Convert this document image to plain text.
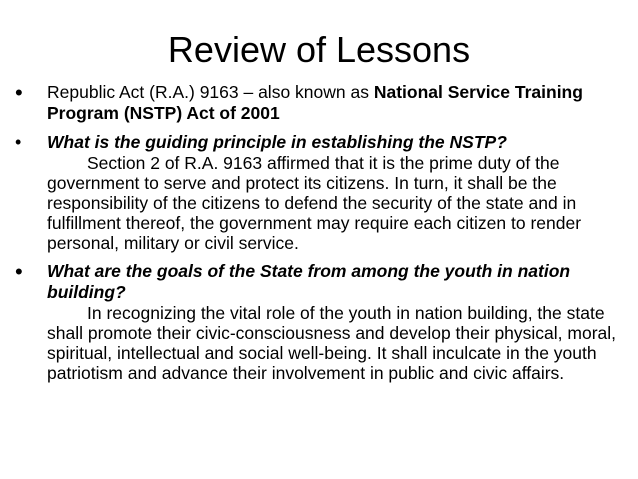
Review of Lessons
• Republic Act (R.A.) 9163 – also known as National Service Training Program (NSTP) Act of 2001
• What is the guiding principle in establishing the NSTP?
Section 2 of R.A. 9163 affirmed that it is the prime duty of the government to serve and protect its citizens. In turn, it shall be the responsibility of the citizens to defend the security of the state and in fulfillment thereof, the government may require each citizen to render personal, military or civil service.
• What are the goals of the State from among the youth in nation building?
In recognizing the vital role of the youth in nation building, the state shall promote their civic-consciousness and develop their physical, moral, spiritual, intellectual and social well-being. It shall inculcate in the youth patriotism and advance their involvement in public and civic affairs.
